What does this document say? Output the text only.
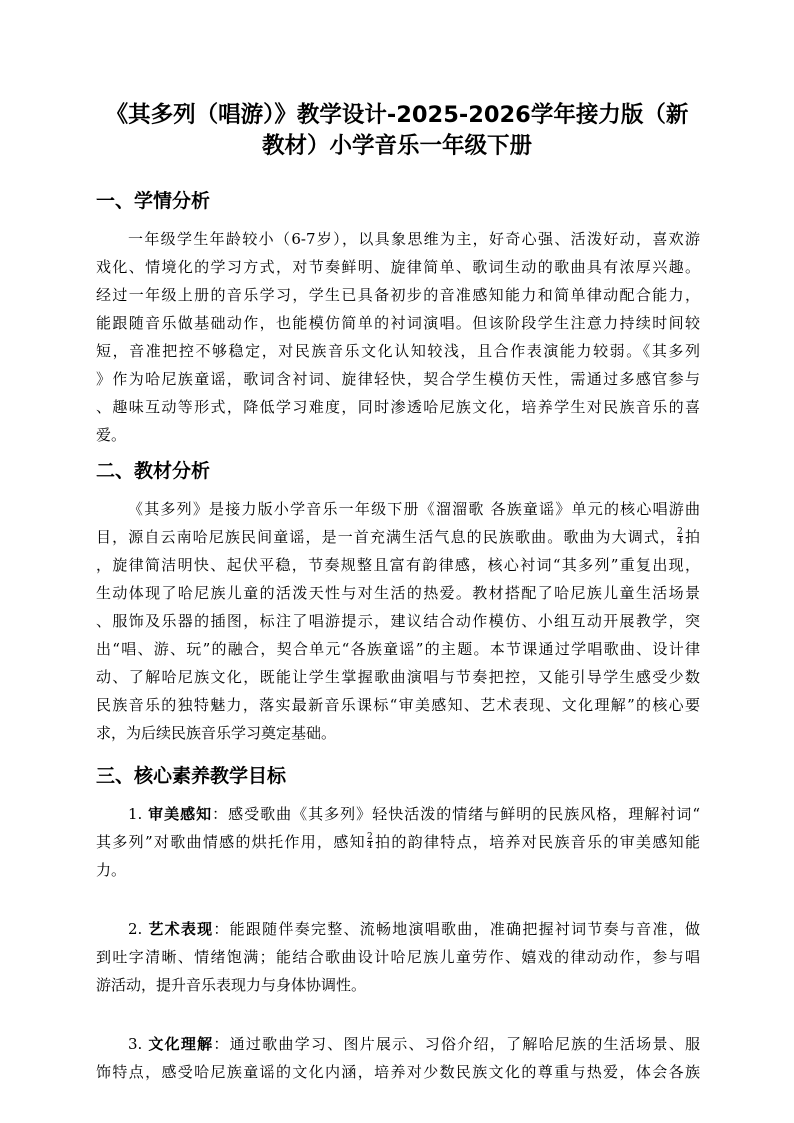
《其多列（唱游）》教学设计-2025-2026学年接力版（新
教材）小学音乐一年级下册
一、学情分析
一年级学生年龄较小（6-7岁），以具象思维为主，好奇心强、活泼好动，喜欢游
戏化、情境化的学习方式，对节奏鲜明、旋律简单、歌词生动的歌曲具有浓厚兴趣。
经过一年级上册的音乐学习，学生已具备初步的音准感知能力和简单律动配合能力，
能跟随音乐做基础动作，也能模仿简单的衬词演唱。但该阶段学生注意力持续时间较
短，音准把控不够稳定，对民族音乐文化认知较浅，且合作表演能力较弱。《其多列
》作为哈尼族童谣，歌词含衬词、旋律轻快，契合学生模仿天性，需通过多感官参与
、趣味互动等形式，降低学习难度，同时渗透哈尼族文化，培养学生对民族音乐的喜
爱。
二、教材分析
《其多列》是接力版小学音乐一年级下册《溜溜歌 各族童谣》单元的核心唱游曲
目，源自云南哈尼族民间童谣，是一首充满生活气息的民族歌曲。歌曲为大调式， $\frac{2}{4}$ 拍
，旋律简洁明快、起伏平稳，节奏规整且富有韵律感，核心衬词“其多列”重复出现，
生动体现了哈尼族儿童的活泼天性与对生活的热爱。教材搭配了哈尼族儿童生活场景
、服饰及乐器的插图，标注了唱游提示，建议结合动作模仿、小组互动开展教学，突
出“唱、游、玩”的融合，契合单元“各族童谣”的主题。本节课通过学唱歌曲、设计律
动、了解哈尼族文化，既能让学生掌握歌曲演唱与节奏把控，又能引导学生感受少数
民族音乐的独特魅力，落实最新音乐课标“审美感知、艺术表现、文化理解”的核心要
求，为后续民族音乐学习奠定基础。
三、核心素养教学目标
1. 审美感知：感受歌曲《其多列》轻快活泼的情绪与鲜明的民族风格，理解衬词“
其多列”对歌曲情感的烘托作用，感知 $\frac{2}{4}$ 拍的韵律特点，培养对民族音乐的审美感知能
力。
2. 艺术表现：能跟随伴奏完整、流畅地演唱歌曲，准确把握衬词节奏与音准，做
到吐字清晰、情绪饱满；能结合歌曲设计哈尼族儿童劳作、嬉戏的律动动作，参与唱
游活动，提升音乐表现力与身体协调性。
3. 文化理解：通过歌曲学习、图片展示、习俗介绍，了解哈尼族的生活场景、服
饰特点，感受哈尼族童谣的文化内涵，培养对少数民族文化的尊重与热爱，体会各族
